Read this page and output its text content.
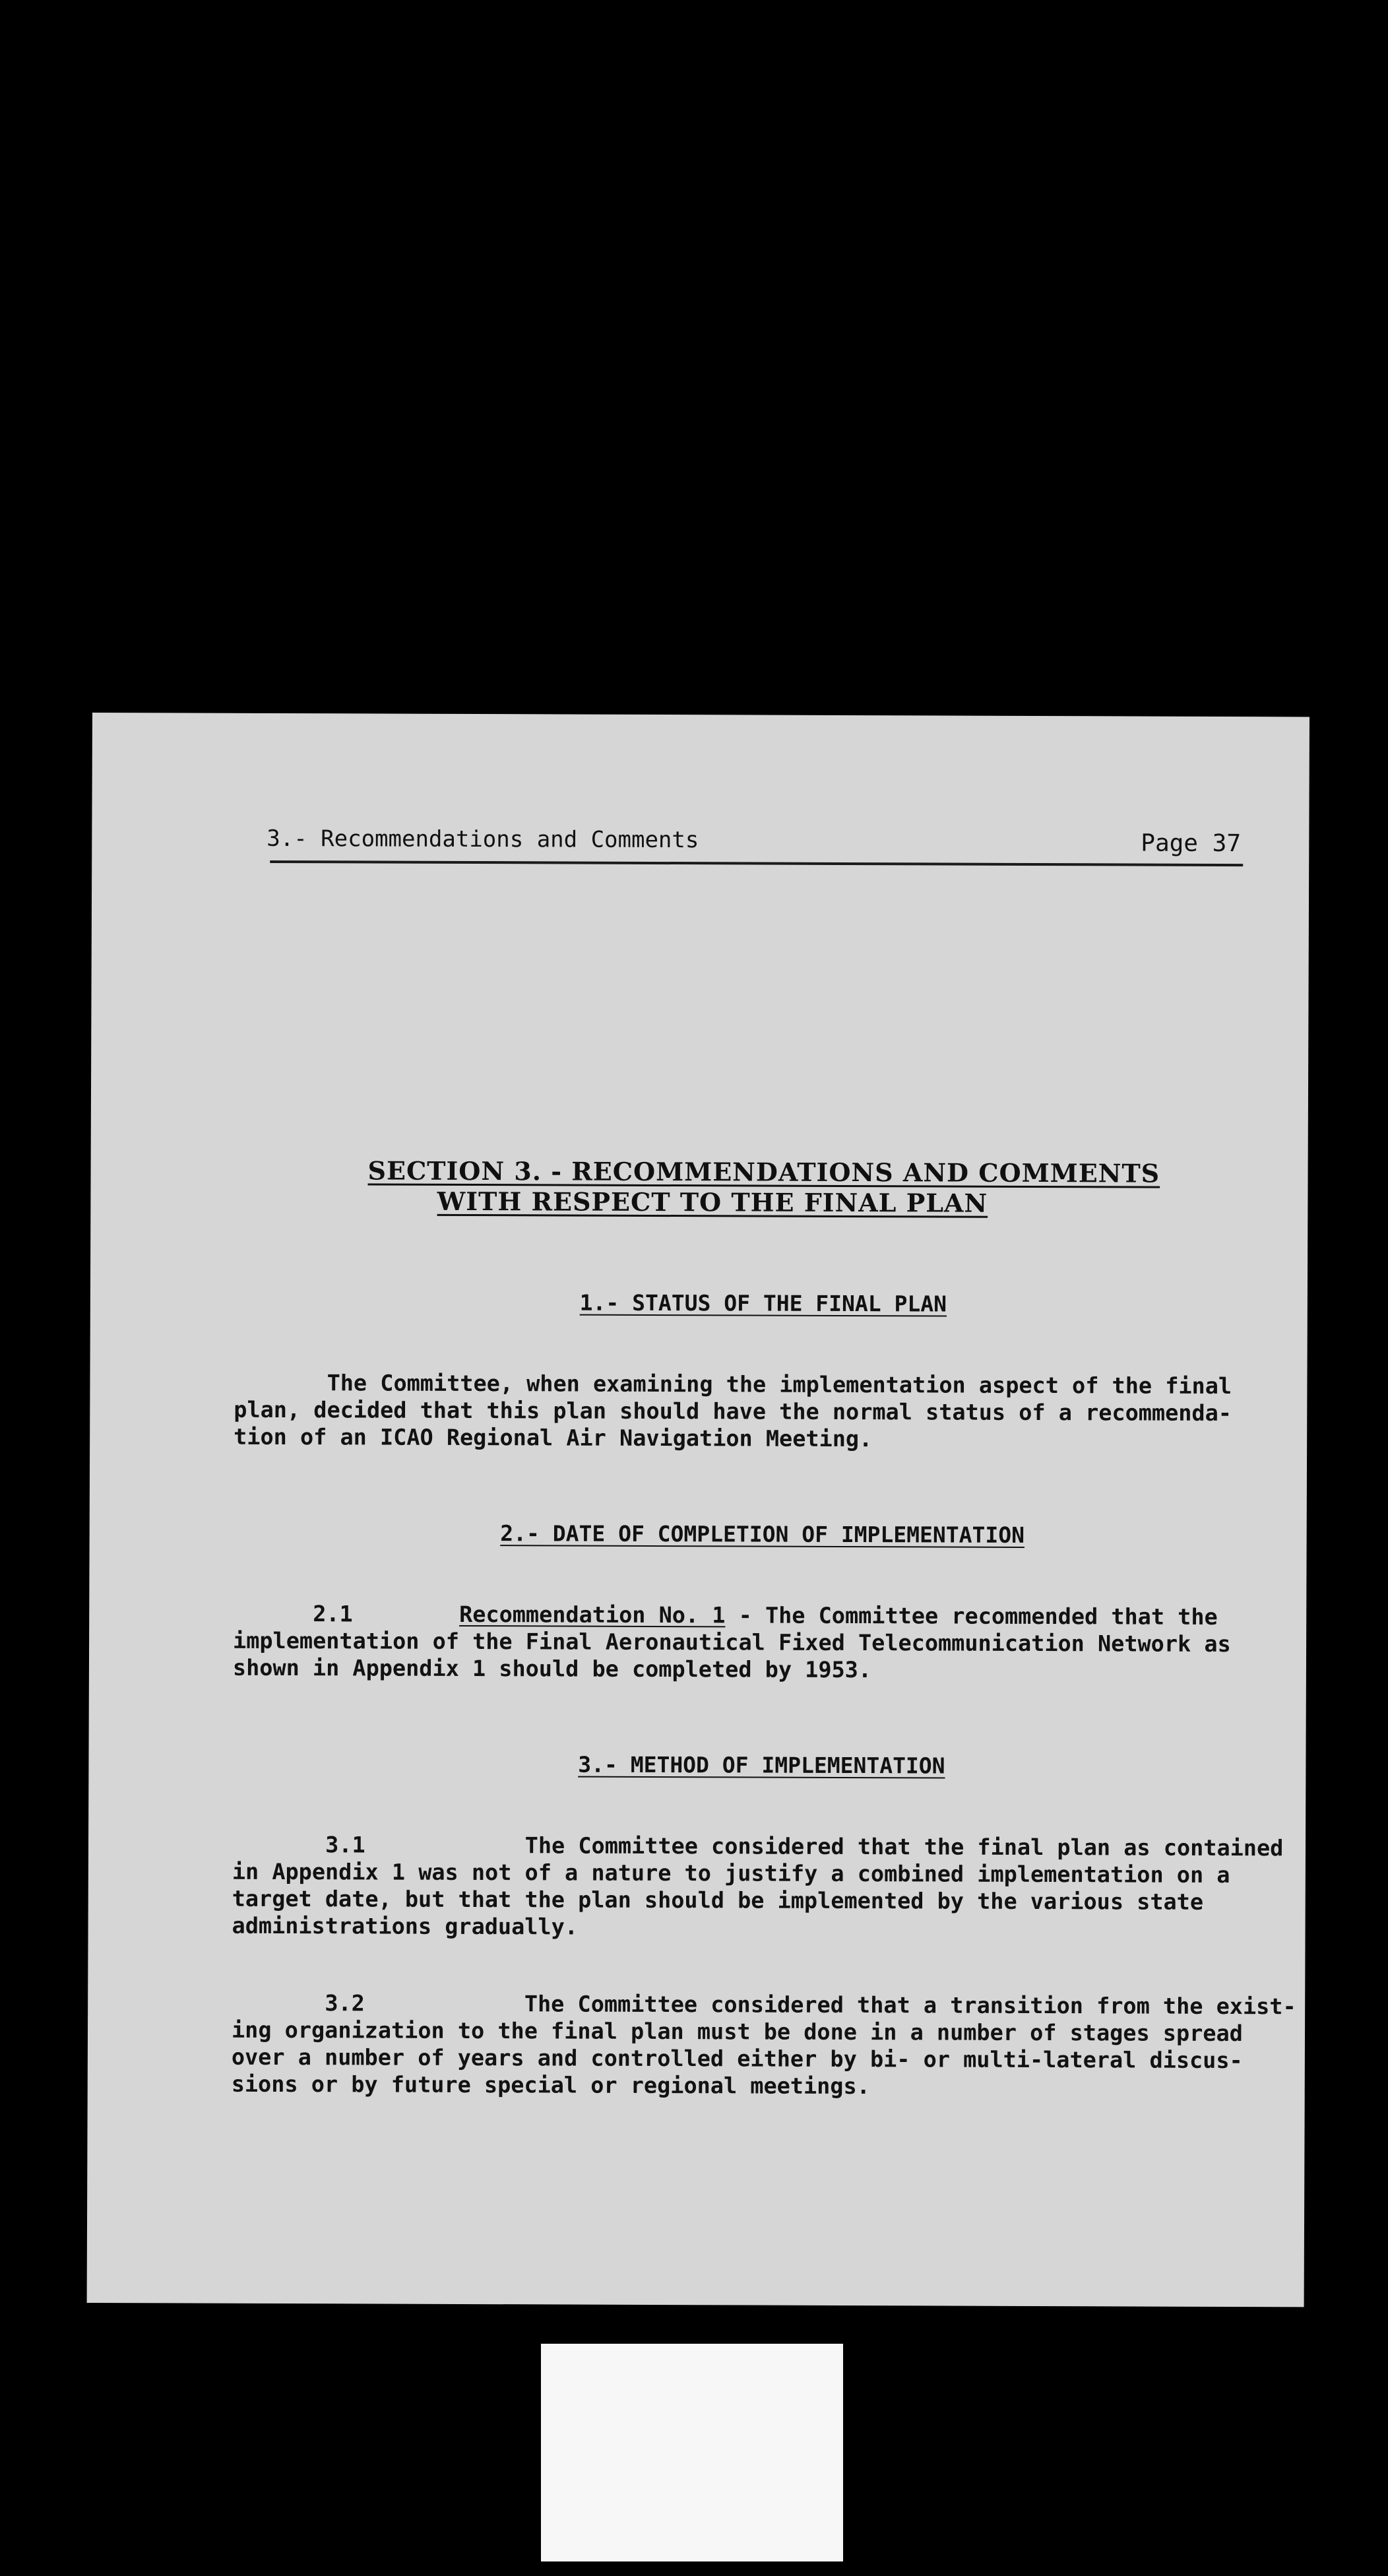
3.- Recommendations and Comments	Page 37
SECTION 3. - RECOMMENDATIONS AND COMMENTS
WITH RESPECT TO THE FINAL PLAN
1.- STATUS OF THE FINAL PLAN
The Committee, when examining the implementation aspect of the final
plan, decided that this plan should have the normal status of a recommenda-
tion of an ICAO Regional Air Navigation Meeting.
2.- DATE OF COMPLETION OF IMPLEMENTATION
2.1        Recommendation No. 1 - The Committee recommended that the
implementation of the Final Aeronautical Fixed Telecommunication Network as
shown in Appendix 1 should be completed by 1953.
3.- METHOD OF IMPLEMENTATION
3.1            The Committee considered that the final plan as contained
in Appendix 1 was not of a nature to justify a combined implementation on a
target date, but that the plan should be implemented by the various state
administrations gradually.
3.2            The Committee considered that a transition from the exist-
ing organization to the final plan must be done in a number of stages spread
over a number of years and controlled either by bi- or multi-lateral discus-
sions or by future special or regional meetings.
